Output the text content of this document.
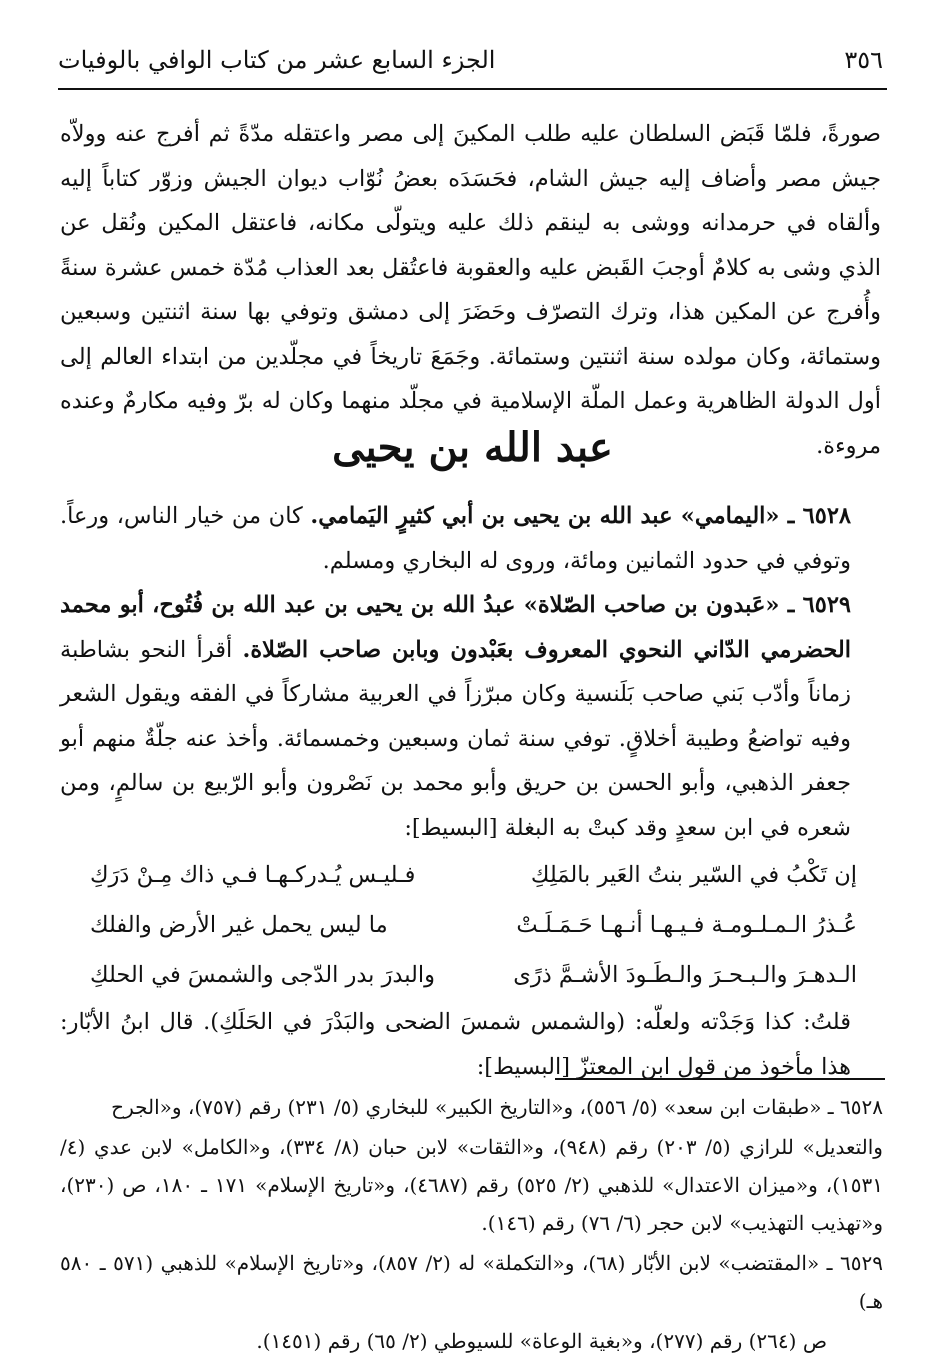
٣٥٦
الجزء السابع عشر من كتاب الوافي بالوفيات

صورةً، فلمّا قَبَض السلطان عليه طلب المكينَ إلى مصر واعتقله مدّةً ثم أفرج عنه وولاّه جيش مصر وأضاف إليه جيش الشام، فحَسَدَه بعضُ نُوّاب ديوان الجيش وزوّر كتاباً إليه وألقاه في حرمدانه ووشى به لينقم ذلك عليه ويتولّى مكانه، فاعتقل المكين ونُقل عن الذي وشى به كلامٌ أوجبَ القَبض عليه والعقوبة فاعتُقل بعد العذاب مُدّة خمس عشرة سنةً وأُفرج عن المكين هذا، وترك التصرّف وحَضَرَ إلى دمشق وتوفي بها سنة اثنتين وسبعين وستمائة، وكان مولده سنة اثنتين وستمائة. وجَمَعَ تاريخاً في مجلّدين من ابتداء العالم إلى أول الدولة الظاهرية وعمل الملّة الإسلامية في مجلّد منهما وكان له برّ وفيه مكارمٌ وعنده مروءة.

عبد الله بن يحيى

٦٥٢٨ ـ «اليمامي» عبد الله بن يحيى بن أبي كثيرٍ اليَمامي. كان من خيار الناس، ورعاً. وتوفي في حدود الثمانين ومائة، وروى له البخاري ومسلم.

٦٥٢٩ ـ «عَبدون بن صاحب الصّلاة» عبدُ الله بن يحيى بن عبد الله بن فُتُوح، أبو محمد الحضرمي الدّاني النحوي المعروف بعَبْدون وبابن صاحب الصّلاة. أقرأ النحو بشاطبة زماناً وأدّب بَني صاحب بَلَنسية وكان مبرّزاً في العربية مشاركاً في الفقه ويقول الشعر وفيه تواضعُ وطيبة أخلاقٍ. توفي سنة ثمان وسبعين وخمسمائة. وأخذ عنه جلّةٌ منهم أبو جعفر الذهبي، وأبو الحسن بن حريق وأبو محمد بن نَصْرون وأبو الرّبيع بن سالمٍ، ومن شعره في ابن سعدٍ وقد كبتْ به البغلة [البسيط]:

إن تَكْبُ في السّير بنتُ العَير بالمَلِكِ
فـليـس يُـدركـهـا فـي ذاك مِـنْ دَرَكِ
عُـذرُ الـمـلـومـة فـيـهـا أنـهـا حَـمَـلَـتْ
ما ليس يحمل غير الأرض والفلك
الـدهـرَ والـبـحـرَ والـطَـودَ الأشـمَّ ذرًى
والبدرَ بدر الدّجى والشمسَ في الحلكِ

قلتُ: كذا وَجَدْته ولعلّه: (والشمس شمسَ الضحى والبَدْرَ في الحَلَكِ). قال ابنُ الأبّار: هذا مأخوذ من قول ابن المعتزّ [البسيط]:

٦٥٢٨ ـ «طبقات ابن سعد» (٥/ ٥٥٦)، و«التاريخ الكبير» للبخاري (٥/ ٢٣١) رقم (٧٥٧)، و«الجرح

والتعديل» للرازي (٥/ ٢٠٣) رقم (٩٤٨)، و«الثقات» لابن حبان (٨/ ٣٣٤)، و«الكامل» لابن عدي (٤/ ١٥٣١)، و«ميزان الاعتدال» للذهبي (٢/ ٥٢٥) رقم (٤٦٨٧)، و«تاريخ الإسلام» ١٧١ ـ ١٨٠، ص (٢٣٠)، و«تهذيب التهذيب» لابن حجر (٦/ ٧٦) رقم (١٤٦).

٦٥٢٩ ـ «المقتضب» لابن الأبّار (٦٨)، و«التكملة» له (٢/ ٨٥٧)، و«تاريخ الإسلام» للذهبي (٥٧١ ـ ٥٨٠ هـ)

ص (٢٦٤) رقم (٢٧٧)، و«بغية الوعاة» للسيوطي (٢/ ٦٥) رقم (١٤٥١).
